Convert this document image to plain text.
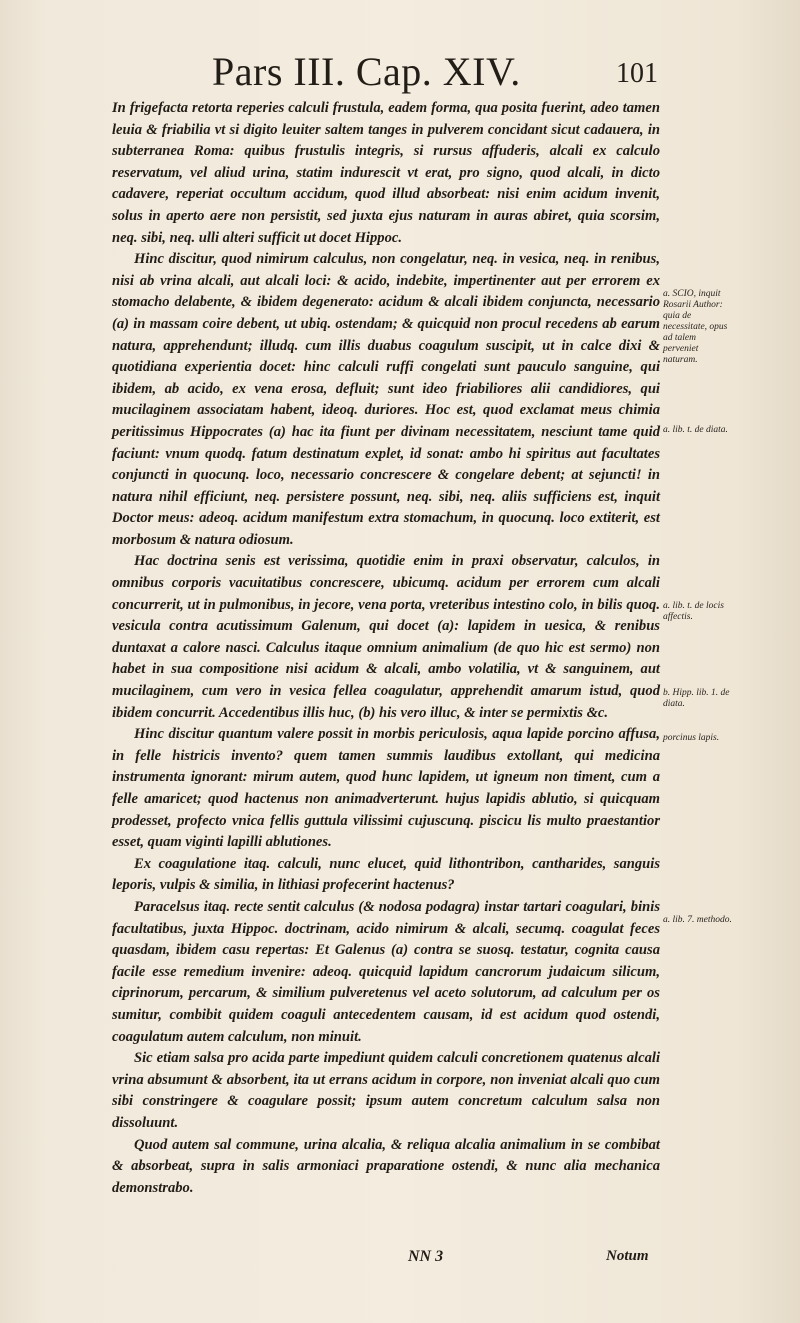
Pars III. Cap. XIV.	101

In frigefacta retorta reperies calculi frustula, eadem forma, qua posita fuerint, adeo tamen leuia & friabilia vt si digito leuiter saltem tanges in pulverem concidant sicut cadauera, in subterranea Roma: quibus frustulis integris, si rursus affuderis, alcali ex calculo reservatum, vel aliud urina, statim indurescit vt erat, pro signo, quod alcali, in dicto cadavere, reperiat occultum accidum, quod illud absorbeat: nisi enim acidum invenit, solus in aperto aere non persistit, sed juxta ejus naturam in auras abiret, quia scorsim, neq. sibi, neq. ulli alteri sufficit ut docet Hippoc.

Hinc discitur, quod nimirum calculus, non congelatur, neq. in vesica, neq. in renibus, nisi ab vrina alcali, aut alcali loci: & acido, indebite, impertinenter aut per errorem ex stomacho delabente, & ibidem degenerato: acidum & alcali ibidem conjuncta, necessario (a) in massam coire debent, ut ubiq. ostendam; & quicquid non procul recedens ab earum natura, apprehendunt; illudq. cum illis duabus coagulum suscipit, ut in calce dixi & quotidiana experientia docet: hinc calculi ruffi congelati sunt pauculo sanguine, qui ibidem, ab acido, ex vena erosa, defluit; sunt ideo friabiliores alii candidiores, qui mucilaginem associatam habent, ideoq. duriores. Hoc est, quod exclamat meus chimia peritissimus Hippocrates (a) hac ita fiunt per divinam necessitatem, nesciunt tame quid faciunt: vnum quodq. fatum destinatum explet, id sonat: ambo hi spiritus aut facultates conjuncti in quocunq. loco, necessario concrescere & congelare debent; at sejuncti! in natura nihil efficiunt, neq. persistere possunt, neq. sibi, neq. aliis sufficiens est, inquit Doctor meus: adeoq. acidum manifestum extra stomachum, in quocunq. loco extiterit, est morbosum & natura odiosum.

Hac doctrina senis est verissima, quotidie enim in praxi observatur, calculos, in omnibus corporis vacuitatibus concrescere, ubicumq. acidum per errorem cum alcali concurrerit, ut in pulmonibus, in jecore, vena porta, vreteribus intestino colo, in bilis quoq. vesicula contra acutissimum Galenum, qui docet (a): lapidem in uesica, & renibus duntaxat a calore nasci. Calculus itaque omnium animalium (de quo hic est sermo) non habet in sua compositione nisi acidum & alcali, ambo volatilia, vt & sanguinem, aut mucilaginem, cum vero in vesica fellea coagulatur, apprehendit amarum istud, quod ibidem concurrit. Accedentibus illis huc, (b) his vero illuc, & inter se permixtis &c.

Hinc discitur quantum valere possit in morbis periculosis, aqua lapide porcino affusa, in felle histricis invento? quem tamen summis laudibus extollant, qui medicina instrumenta ignorant: mirum autem, quod hunc lapidem, ut igneum non timent, cum a felle amaricet; quod hactenus non animadverterunt. hujus lapidis ablutio, si quicquam prodesset, profecto vnica fellis guttula vilissimi cujuscunq. piscicu lis multo praestantior esset, quam viginti lapilli ablutiones.

Ex coagulatione itaq. calculi, nunc elucet, quid lithontribon, cantharides, sanguis leporis, vulpis & similia, in lithiasi profecerint hactenus?

Paracelsus itaq. recte sentit calculus (& nodosa podagra) instar tartari coagulari, binis facultatibus, juxta Hippoc. doctrinam, acido nimirum & alcali, secumq. coagulat feces quasdam, ibidem casu repertas: Et Galenus (a) contra se suosq. testatur, cognita causa facile esse remedium invenire: adeoq. quicquid lapidum cancrorum judaicum silicum, ciprinorum, percarum, & similium pulveretenus vel aceto solutorum, ad calculum per os sumitur, combibit quidem coaguli antecedentem causam, id est acidum quod ostendi, coagulatum autem calculum, non minuit.

Sic etiam salsa pro acida parte impediunt quidem calculi concretionem quatenus alcali vrina absumunt & absorbent, ita ut errans acidum in corpore, non inveniat alcali quo cum sibi constringere & coagulare possit; ipsum autem concretum calculum salsa non dissoluunt.

Quod autem sal commune, urina alcalia, & reliqua alcalia animalium in se combibat & absorbeat, supra in salis armoniaci praparatione ostendi, & nunc alia mechanica demonstrabo.

a. SCIO, inquit Rosarii Author: quia de necessitate, opus ad talem perveniet naturam.
a. lib. t. de diata.
a. lib. t. de locis affectis.
b. Hipp. lib. 1. de diata.
porcinus lapis.
a. lib. 7. methodo.
NN 3	Notum
